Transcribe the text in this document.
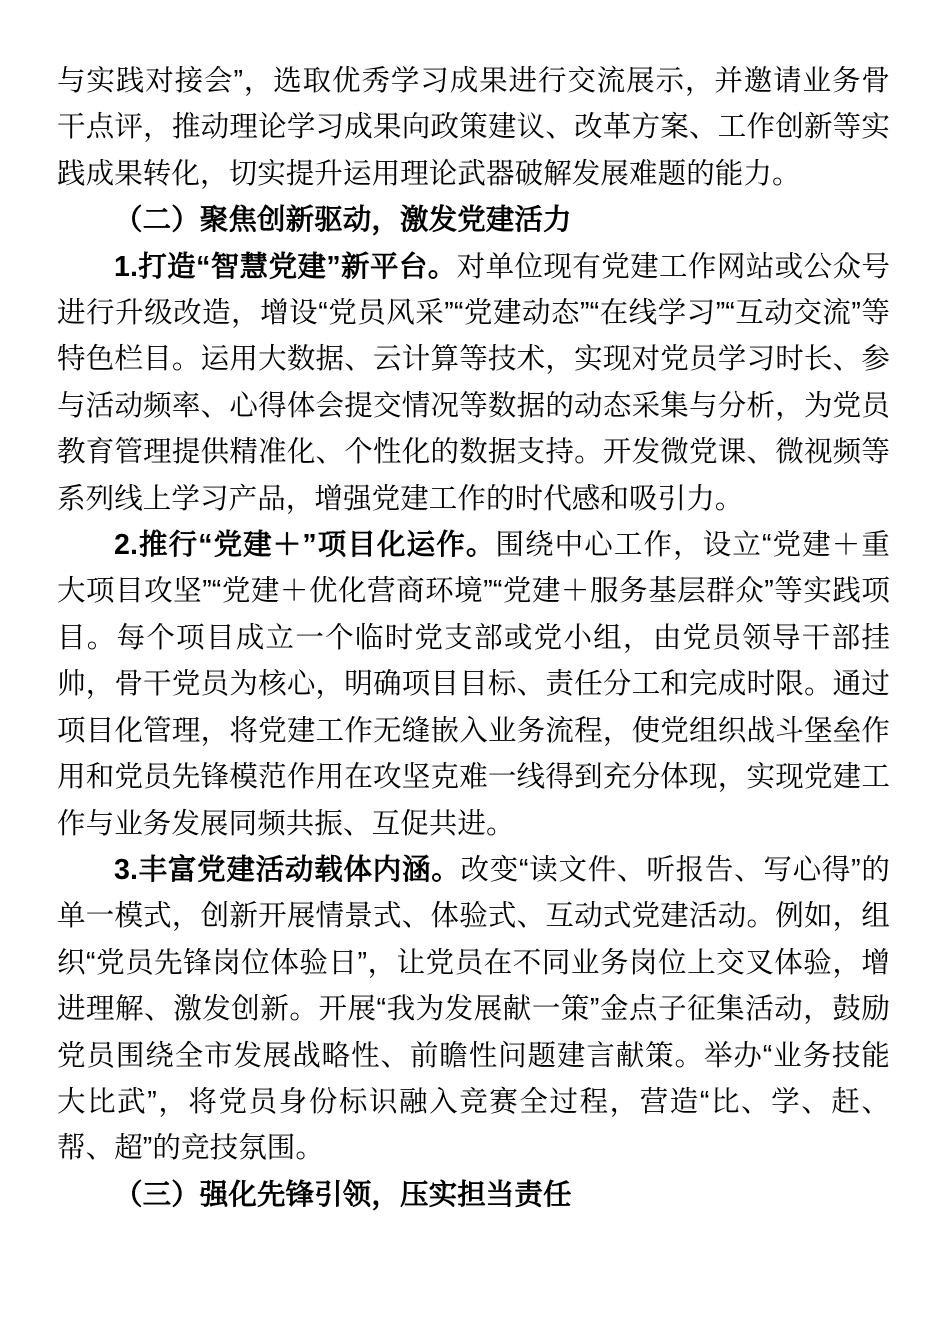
与实践对接会”，选取优秀学习成果进行交流展示，并邀请业务骨干点评，推动理论学习成果向政策建议、改革方案、工作创新等实践成果转化，切实提升运用理论武器破解发展难题的能力。

（二）聚焦创新驱动，激发党建活力

1.打造“智慧党建”新平台。对单位现有党建工作网站或公众号进行升级改造，增设“党员风采”“党建动态”“在线学习”“互动交流”等特色栏目。运用大数据、云计算等技术，实现对党员学习时长、参与活动频率、心得体会提交情况等数据的动态采集与分析，为党员教育管理提供精准化、个性化的数据支持。开发微党课、微视频等系列线上学习产品，增强党建工作的时代感和吸引力。

2.推行“党建＋”项目化运作。围绕中心工作，设立“党建＋重大项目攻坚”“党建＋优化营商环境”“党建＋服务基层群众”等实践项目。每个项目成立一个临时党支部或党小组，由党员领导干部挂帅，骨干党员为核心，明确项目目标、责任分工和完成时限。通过项目化管理，将党建工作无缝嵌入业务流程，使党组织战斗堡垒作用和党员先锋模范作用在攻坚克难一线得到充分体现，实现党建工作与业务发展同频共振、互促共进。

3.丰富党建活动载体内涵。改变“读文件、听报告、写心得”的单一模式，创新开展情景式、体验式、互动式党建活动。例如，组织“党员先锋岗位体验日”，让党员在不同业务岗位上交叉体验，增进理解、激发创新。开展“我为发展献一策”金点子征集活动，鼓励党员围绕全市发展战略性、前瞻性问题建言献策。举办“业务技能大比武”，将党员身份标识融入竞赛全过程，营造“比、学、赶、帮、超”的竞技氛围。

（三）强化先锋引领，压实担当责任
